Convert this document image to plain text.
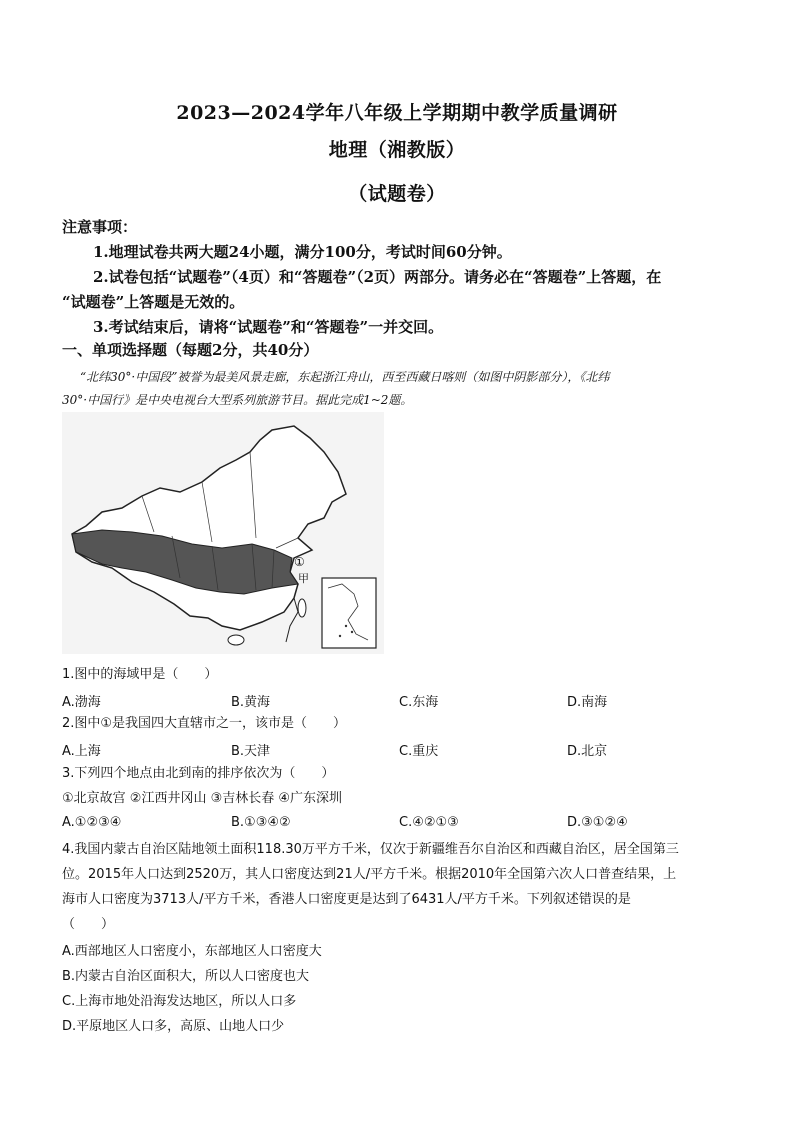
2023—2024学年八年级上学期期中教学质量调研
地理（湘教版）
（试题卷）
注意事项：
1.地理试卷共两大题24小题，满分100分，考试时间60分钟。
2.试卷包括“试题卷”（4页）和“答题卷”（2页）两部分。请务必在“答题卷”上答题，在
“试题卷”上答题是无效的。
3.考试结束后，请将“试题卷”和“答题卷”一并交回。
一、单项选择题（每题2分，共40分）
“北纬30°·中国段”被誉为最美风景走廊，东起浙江舟山，西至西藏日喀则（如图中阴影部分），《北纬
30°·中国行》是中央电视台大型系列旅游节目。据此完成1~2题。
①
甲
1.图中的海域甲是（　　）
A.渤海	B.黄海	C.东海	D.南海
2.图中①是我国四大直辖市之一，该市是（　　）
A.上海	B.天津	C.重庆	D.北京
3.下列四个地点由北到南的排序依次为（　　）
①北京故宫 ②江西井冈山 ③吉林长春 ④广东深圳
A.①②③④	B.①③④②	C.④②①③	D.③①②④
4.我国内蒙古自治区陆地领土面积118.30万平方千米，仅次于新疆维吾尔自治区和西藏自治区，居全国第三
位。2015年人口达到2520万，其人口密度达到21人/平方千米。根据2010年全国第六次人口普查结果，上
海市人口密度为3713人/平方千米，香港人口密度更是达到了6431人/平方千米。下列叙述错误的是
（　　）
A.西部地区人口密度小，东部地区人口密度大
B.内蒙古自治区面积大，所以人口密度也大
C.上海市地处沿海发达地区，所以人口多
D.平原地区人口多，高原、山地人口少
